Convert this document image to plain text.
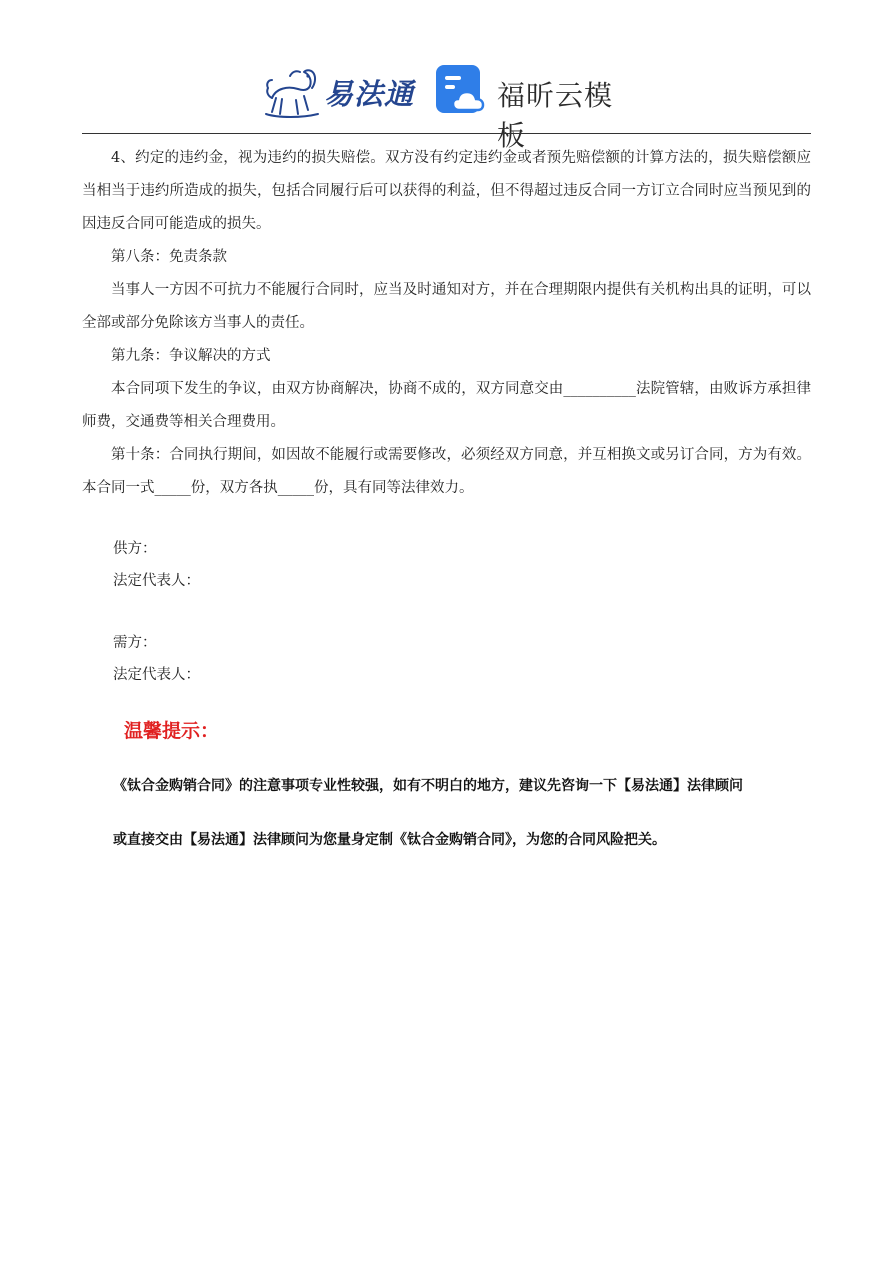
易法通	福昕云模板

4、约定的违约金，视为违约的损失赔偿。双方没有约定违约金或者预先赔偿额的计算方法的，损失赔偿额应当相当于违约所造成的损失，包括合同履行后可以获得的利益，但不得超过违反合同一方订立合同时应当预见到的因违反合同可能造成的损失。

第八条：免责条款

当事人一方因不可抗力不能履行合同时，应当及时通知对方，并在合理期限内提供有关机构出具的证明，可以全部或部分免除该方当事人的责任。

第九条：争议解决的方式

本合同项下发生的争议，由双方协商解决，协商不成的，双方同意交由__________法院管辖，由败诉方承担律师费，交通费等相关合理费用。

第十条：合同执行期间，如因故不能履行或需要修改，必须经双方同意，并互相换文或另订合同，方为有效。本合同一式_____份，双方各执_____份，具有同等法律效力。

供方：
法定代表人：
需方：
法定代表人：
温馨提示：
《钛合金购销合同》的注意事项专业性较强，如有不明白的地方，建议先咨询一下【易法通】法律顾问
或直接交由【易法通】法律顾问为您量身定制《钛合金购销合同》，为您的合同风险把关。
